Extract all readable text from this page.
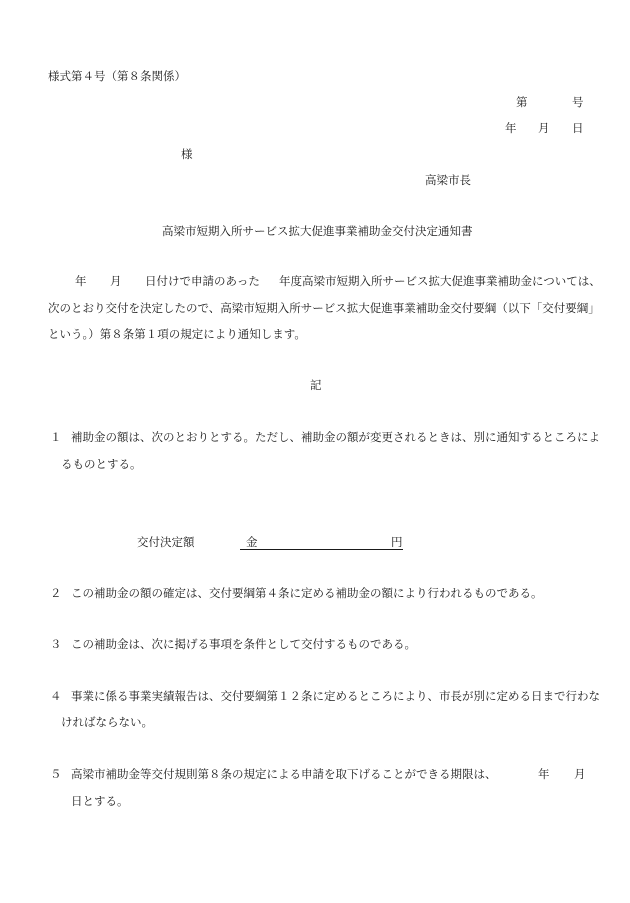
様式第４号（第８条関係）
第	号
年 月 日
様
高梁市長
高梁市短期入所サービス拡大促進事業補助金交付決定通知書
年 月 日付けで申請のあった 年度高梁市短期入所サービス拡大促進事業補助金については、
次のとおり交付を決定したので、高梁市短期入所サービス拡大促進事業補助金交付要綱（以下「交付要綱」
という。）第８条第１項の規定により通知します。
記
１ 補助金の額は、次のとおりとする。ただし、補助金の額が変更されるときは、別に通知するところによ
るものとする。
交付決定額	金	円
２ この補助金の額の確定は、交付要綱第４条に定める補助金の額により行われるものである。
３ この補助金は、次に掲げる事項を条件として交付するものである。
４ 事業に係る事業実績報告は、交付要綱第１２条に定めるところにより、市長が別に定める日まで行わな
ければならない。
５ 高梁市補助金等交付規則第８条の規定による申請を取下げることができる期限は、	年 月
日とする。
